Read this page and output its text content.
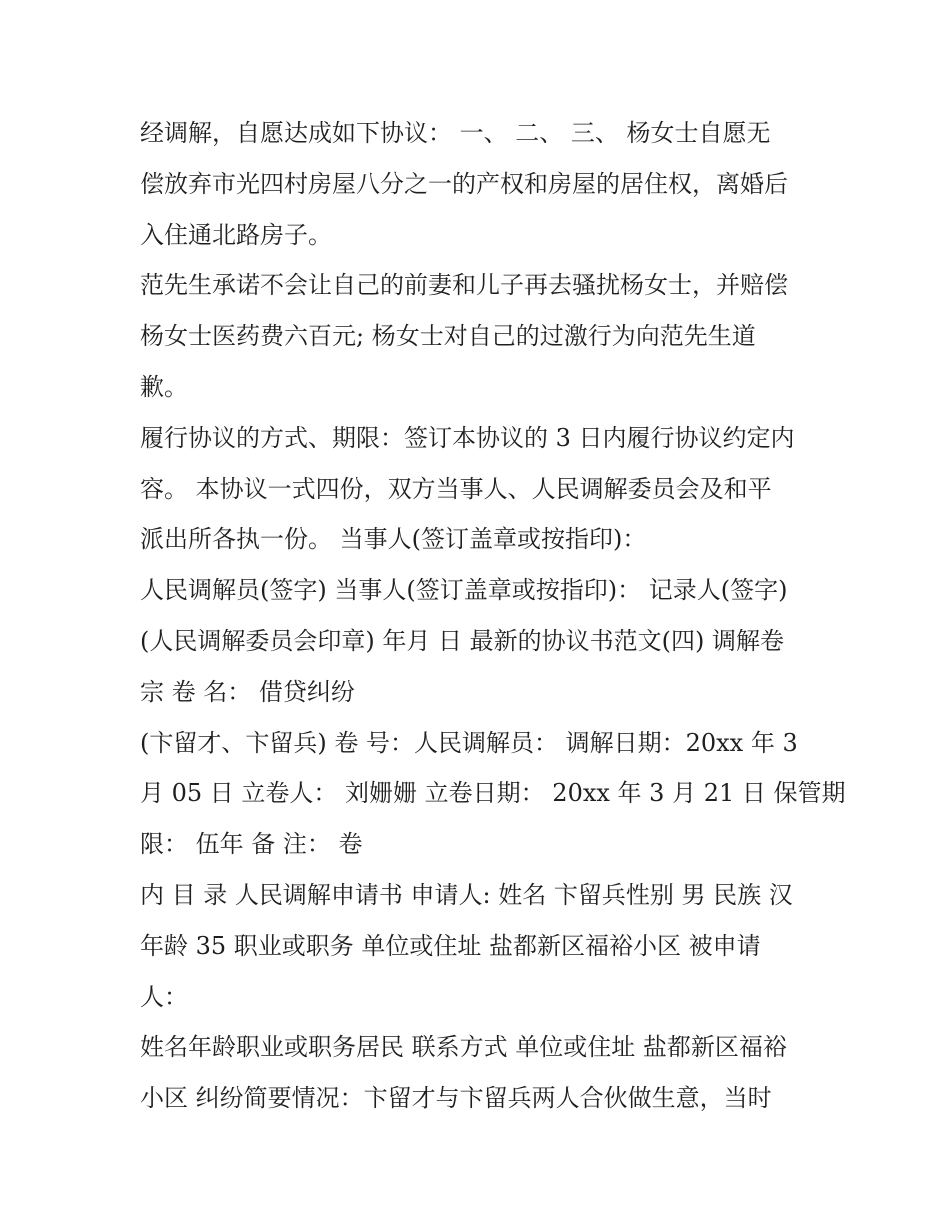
经调解，自愿达成如下协议： 一、 二、 三、 杨女士自愿无
偿放弃市光四村房屋八分之一的产权和房屋的居住权，离婚后
入住通北路房子。
范先生承诺不会让自己的前妻和儿子再去骚扰杨女士，并赔偿
杨女士医药费六百元; 杨女士对自己的过激行为向范先生道
歉。
履行协议的方式、期限：签订本协议的 3 日内履行协议约定内
容。 本协议一式四份，双方当事人、人民调解委员会及和平
派出所各执一份。 当事人(签订盖章或按指印)：
人民调解员(签字) 当事人(签订盖章或按指印)： 记录人(签字)
(人民调解委员会印章) 年月 日 最新的协议书范文(四) 调解卷
宗 卷 名： 借贷纠纷
(卞留才、卞留兵) 卷 号：人民调解员： 调解日期：20xx 年 3
月 05 日 立卷人： 刘姗姗 立卷日期： 20xx 年 3 月 21 日 保管期
限： 伍年 备 注： 卷
内 目 录 人民调解申请书 申请人: 姓名 卞留兵性别 男 民族 汉
年龄 35 职业或职务 单位或住址 盐都新区福裕小区 被申请
人：
姓名年龄职业或职务居民 联系方式 单位或住址 盐都新区福裕
小区 纠纷简要情况：卞留才与卞留兵两人合伙做生意，当时
